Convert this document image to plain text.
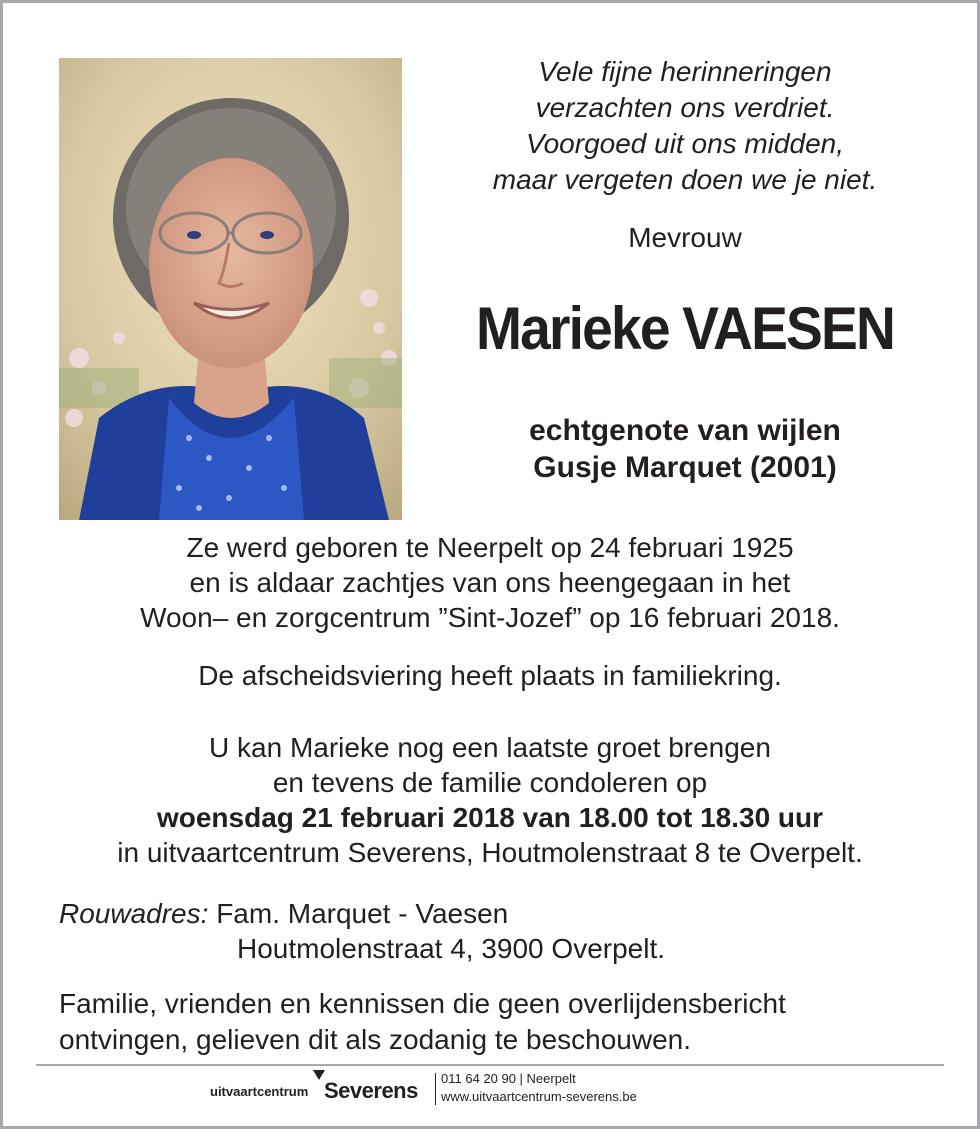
Vele fijne herinneringen
verzachten ons verdriet.
Voorgoed uit ons midden,
maar vergeten doen we je niet.
Mevrouw
Marieke VAESEN
echtgenote van wijlen
Gusje Marquet (2001)
Ze werd geboren te Neerpelt op 24 februari 1925
en is aldaar zachtjes van ons heengegaan in het
Woon– en zorgcentrum ”Sint-Jozef” op 16 februari 2018.
De afscheidsviering heeft plaats in familiekring.
U kan Marieke nog een laatste groet brengen
en tevens de familie condoleren op
woensdag 21 februari 2018 van 18.00 tot 18.30 uur
in uitvaartcentrum Severens, Houtmolenstraat 8 te Overpelt.
Rouwadres: Fam. Marquet - Vaesen
Houtmolenstraat 4, 3900 Overpelt.
Familie, vrienden en kennissen die geen overlijdensbericht
ontvingen, gelieven dit als zodanig te beschouwen.
uitvaartcentrum Severens 011 64 20 90 | Neerpelt
www.uitvaartcentrum-severens.be
